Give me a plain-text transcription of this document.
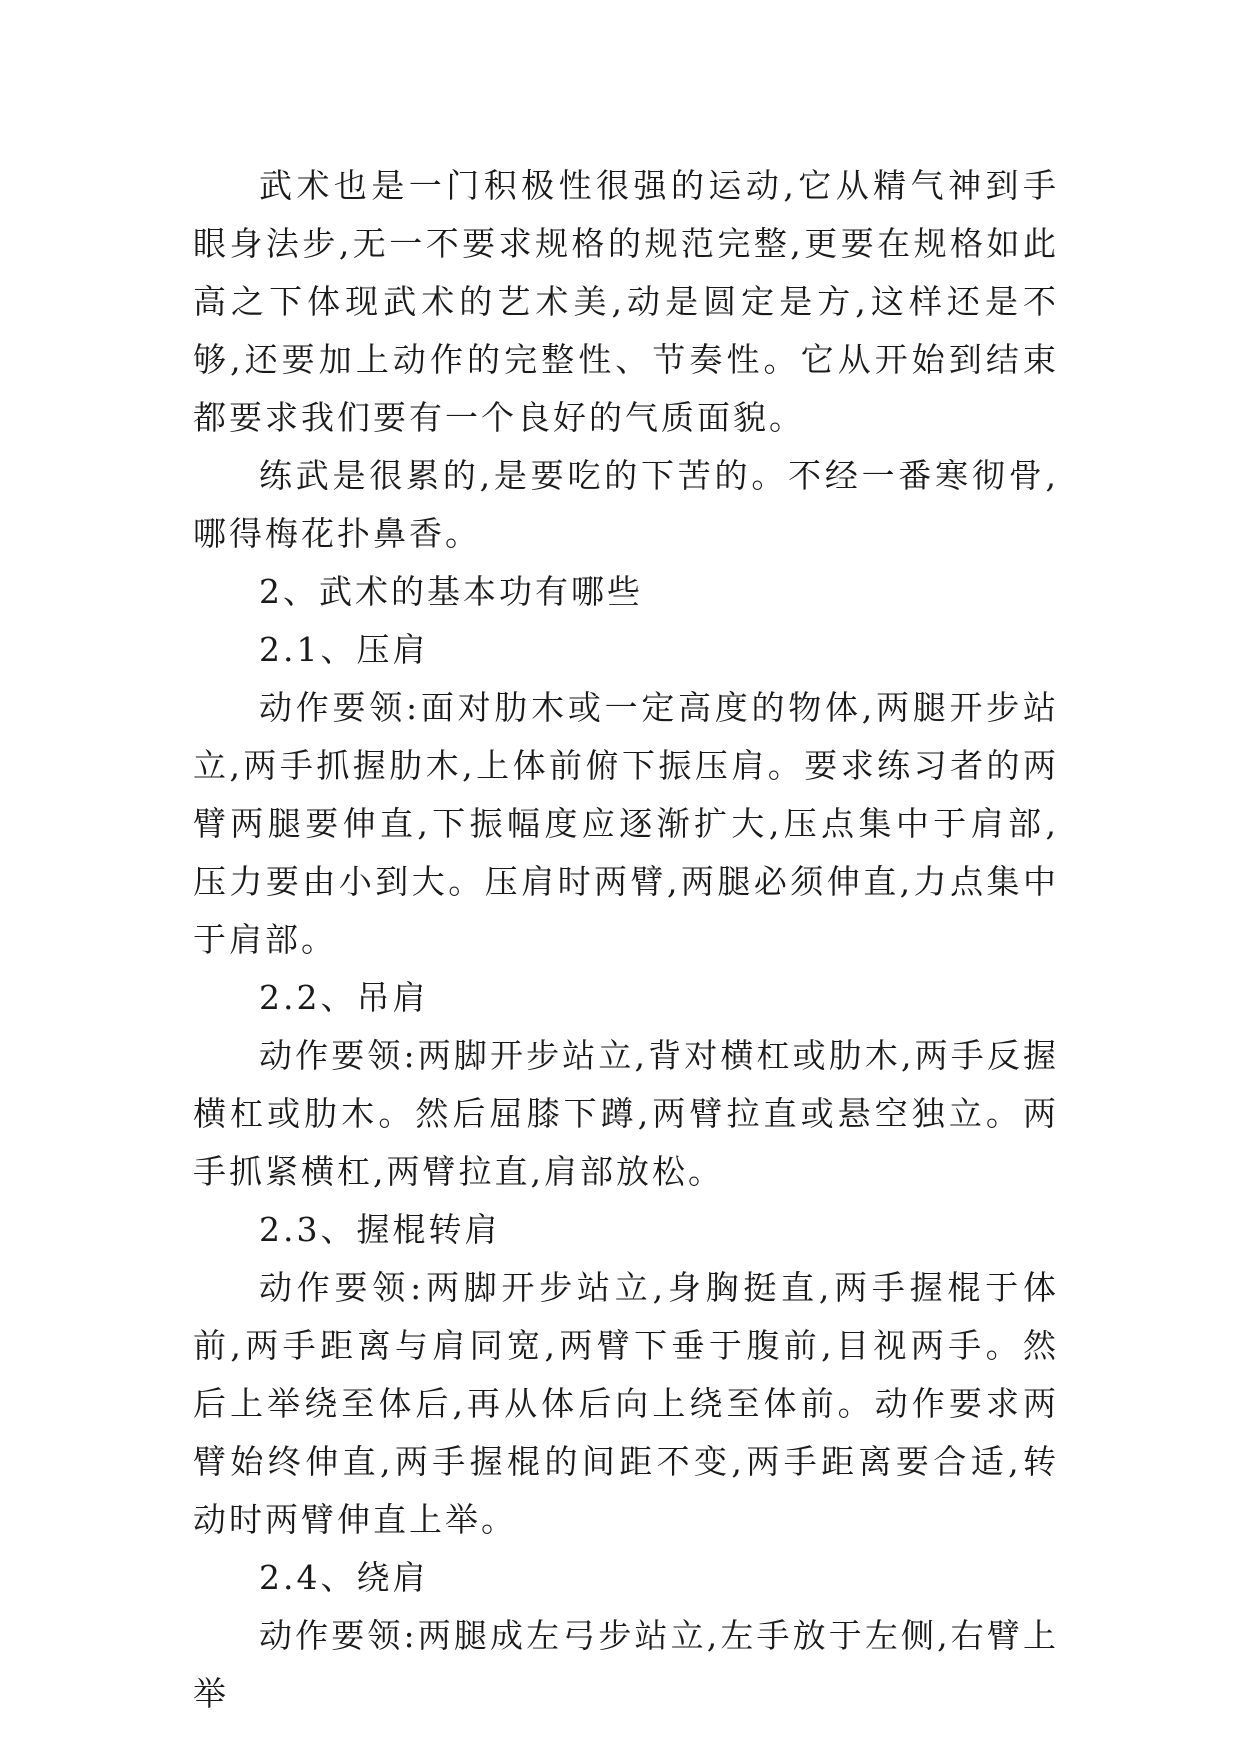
武术也是一门积极性很强的运动,它从精气神到手眼身法步,无一不要求规格的规范完整,更要在规格如此高之下体现武术的艺术美,动是圆定是方,这样还是不够,还要加上动作的完整性、节奏性。它从开始到结束都要求我们要有一个良好的气质面貌。

练武是很累的,是要吃的下苦的。不经一番寒彻骨,哪得梅花扑鼻香。

2、武术的基本功有哪些

2.1、压肩

动作要领:面对肋木或一定高度的物体,两腿开步站立,两手抓握肋木,上体前俯下振压肩。要求练习者的两臂两腿要伸直,下振幅度应逐渐扩大,压点集中于肩部,压力要由小到大。压肩时两臂,两腿必须伸直,力点集中于肩部。

2.2、吊肩

动作要领:两脚开步站立,背对横杠或肋木,两手反握横杠或肋木。然后屈膝下蹲,两臂拉直或悬空独立。两手抓紧横杠,两臂拉直,肩部放松。

2.3、握棍转肩

动作要领:两脚开步站立,身胸挺直,两手握棍于体前,两手距离与肩同宽,两臂下垂于腹前,目视两手。然后上举绕至体后,再从体后向上绕至体前。动作要求两臂始终伸直,两手握棍的间距不变,两手距离要合适,转动时两臂伸直上举。

2.4、绕肩

动作要领:两腿成左弓步站立,左手放于左侧,右臂上举
